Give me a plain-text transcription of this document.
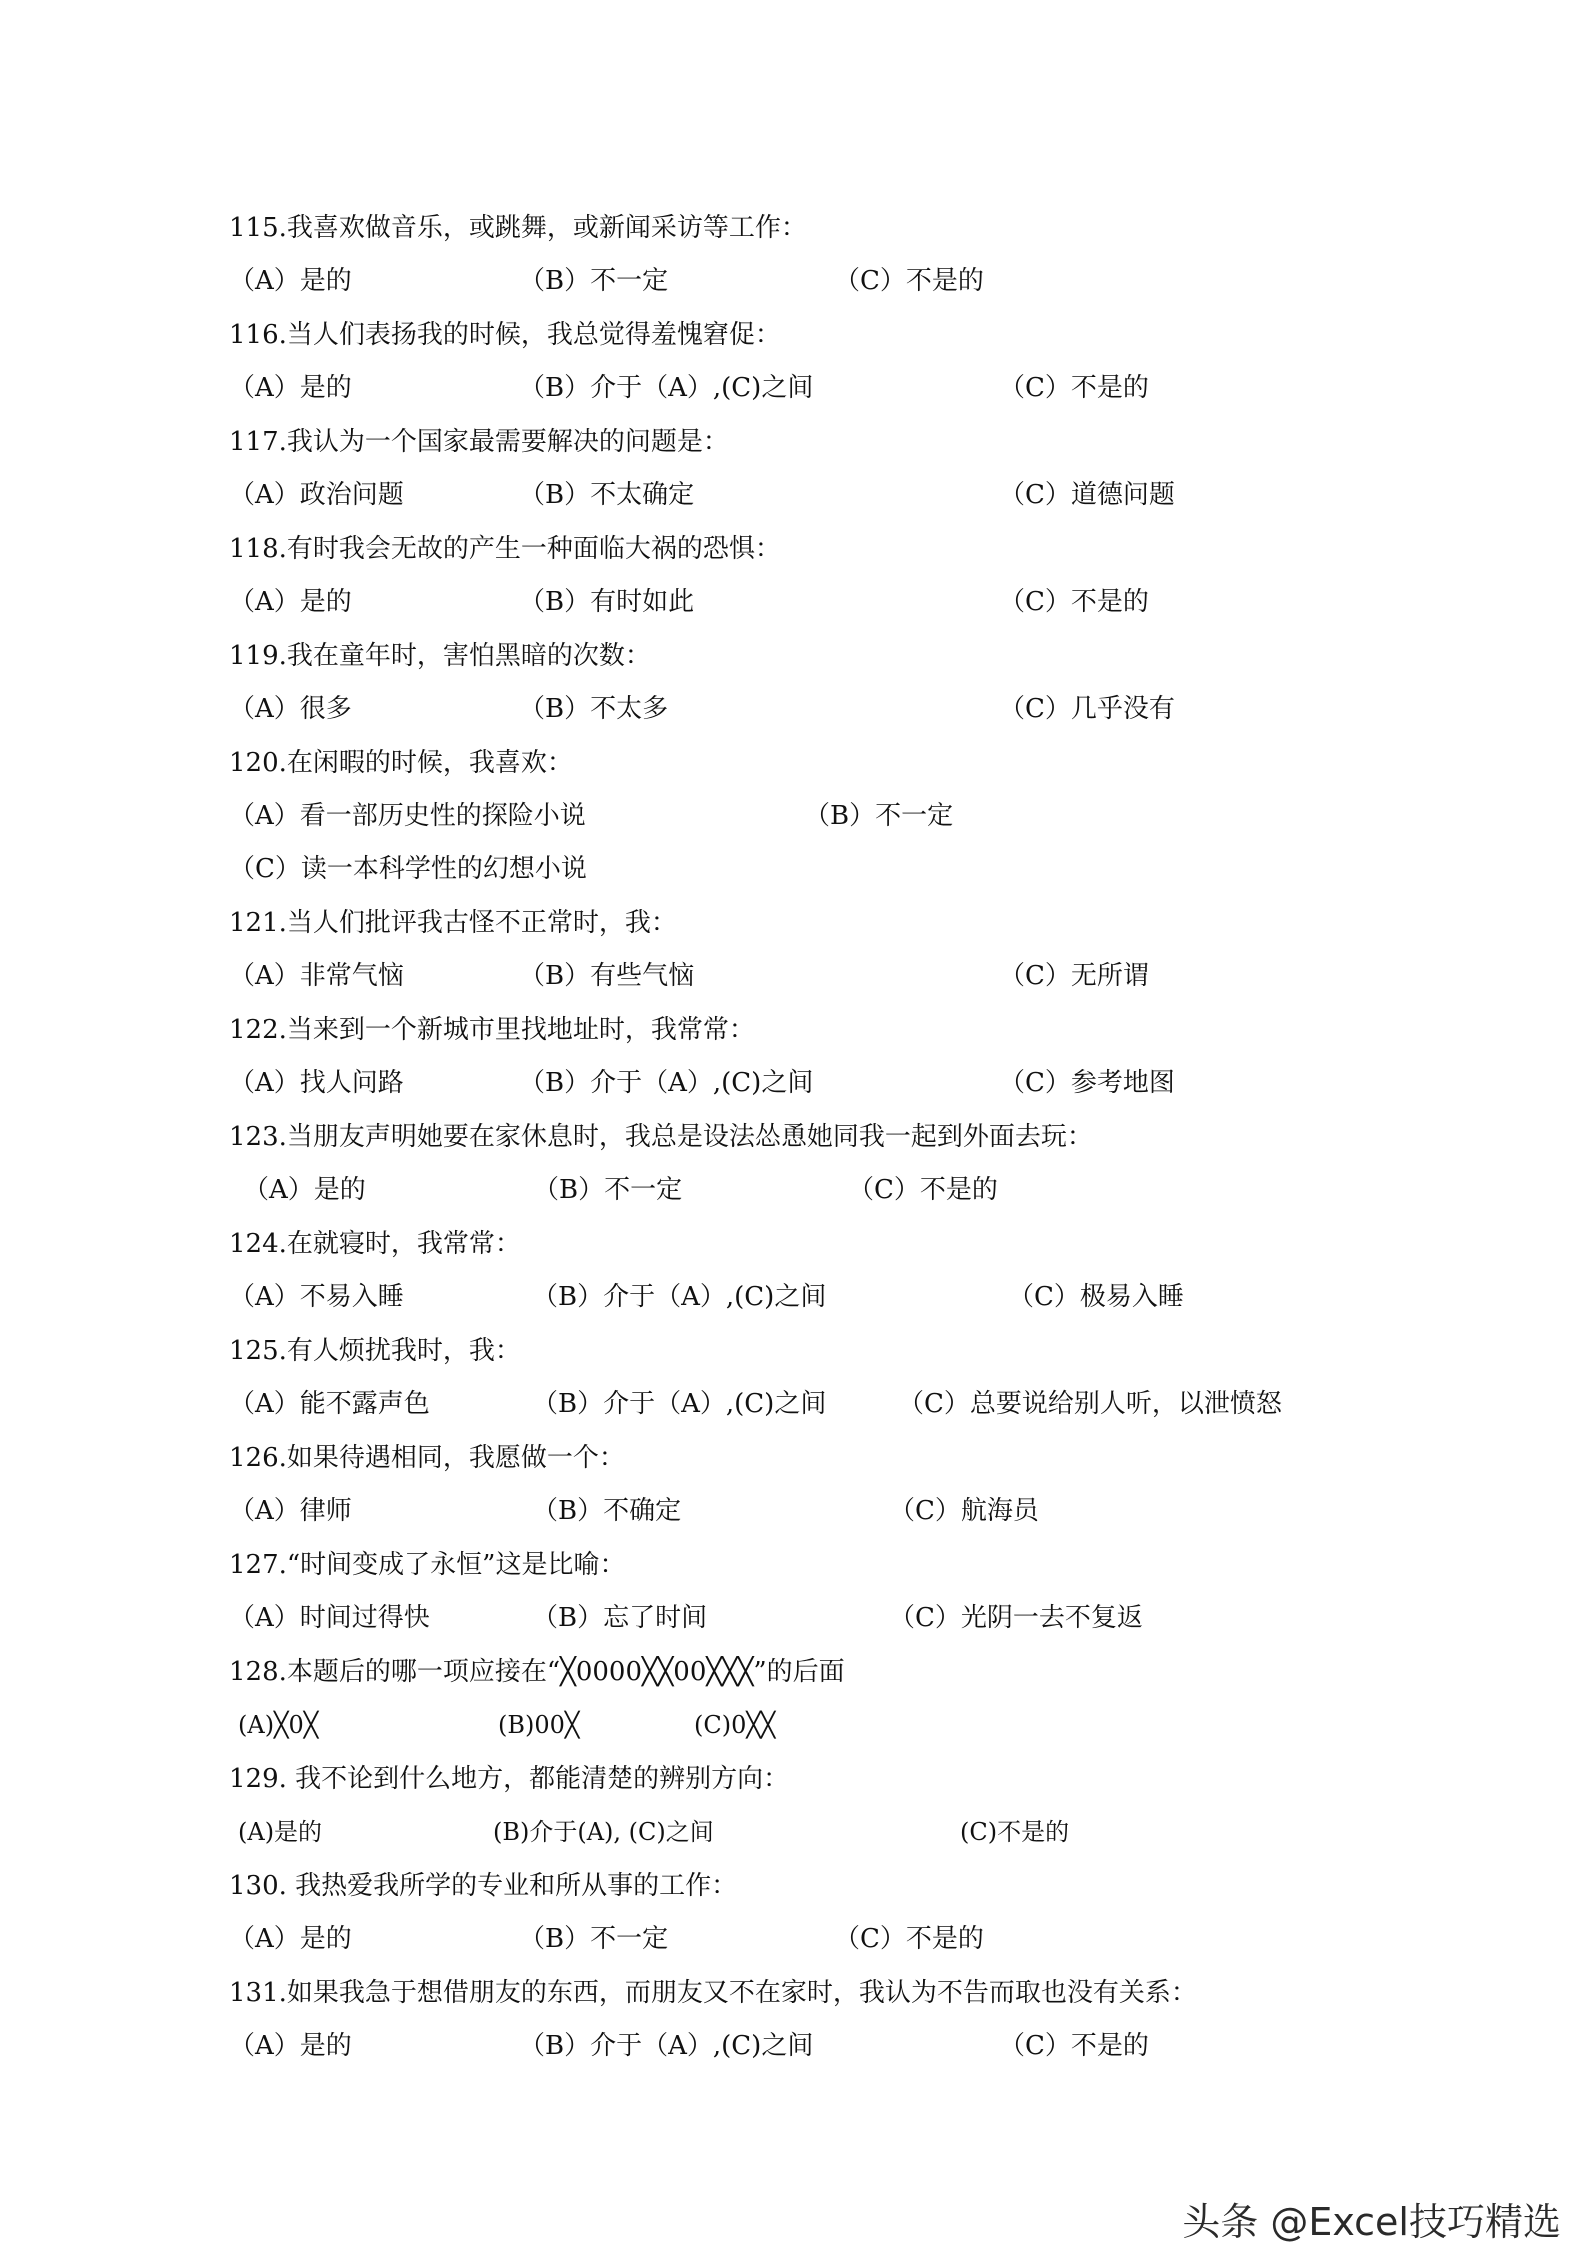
115.我喜欢做音乐，或跳舞，或新闻采访等工作：
（A）是的	（B）不一定	（C）不是的
116.当人们表扬我的时候，我总觉得羞愧窘促：
（A）是的	（B）介于（A）,(C)之间	（C）不是的
117.我认为一个国家最需要解决的问题是：
（A）政治问题	（B）不太确定	（C）道德问题
118.有时我会无故的产生一种面临大祸的恐惧：
（A）是的	（B）有时如此	（C）不是的
119.我在童年时，害怕黑暗的次数：
（A）很多	（B）不太多	（C）几乎没有
120.在闲暇的时候，我喜欢：
（A）看一部历史性的探险小说	（B）不一定
（C）读一本科学性的幻想小说
121.当人们批评我古怪不正常时，我：
（A）非常气恼	（B）有些气恼	（C）无所谓
122.当来到一个新城市里找地址时，我常常：
（A）找人问路	（B）介于（A）,(C)之间	（C）参考地图
123.当朋友声明她要在家休息时，我总是设法怂恿她同我一起到外面去玩：
（A）是的	（B）不一定	（C）不是的
124.在就寝时，我常常：
（A）不易入睡	（B）介于（A）,(C)之间	（C）极易入睡
125.有人烦扰我时，我：
（A）能不露声色	（B）介于（A）,(C)之间	（C）总要说给别人听，以泄愤怒
126.如果待遇相同，我愿做一个：
（A）律师	（B）不确定	（C）航海员
127.“时间变成了永恒”这是比喻：
（A）时间过得快	（B）忘了时间	（C）光阴一去不复返
128.本题后的哪一项应接在“╳0000╳╳00╳╳╳”的后面
(A)╳0╳	(B)00╳	(C)0╳╳
129. 我不论到什么地方，都能清楚的辨别方向：
(A)是的	(B)介于(A), (C)之间	(C)不是的
130. 我热爱我所学的专业和所从事的工作：
（A）是的	（B）不一定	（C）不是的
131.如果我急于想借朋友的东西，而朋友又不在家时，我认为不告而取也没有关系：
（A）是的	（B）介于（A）,(C)之间	（C）不是的
头条 @Excel技巧精选
